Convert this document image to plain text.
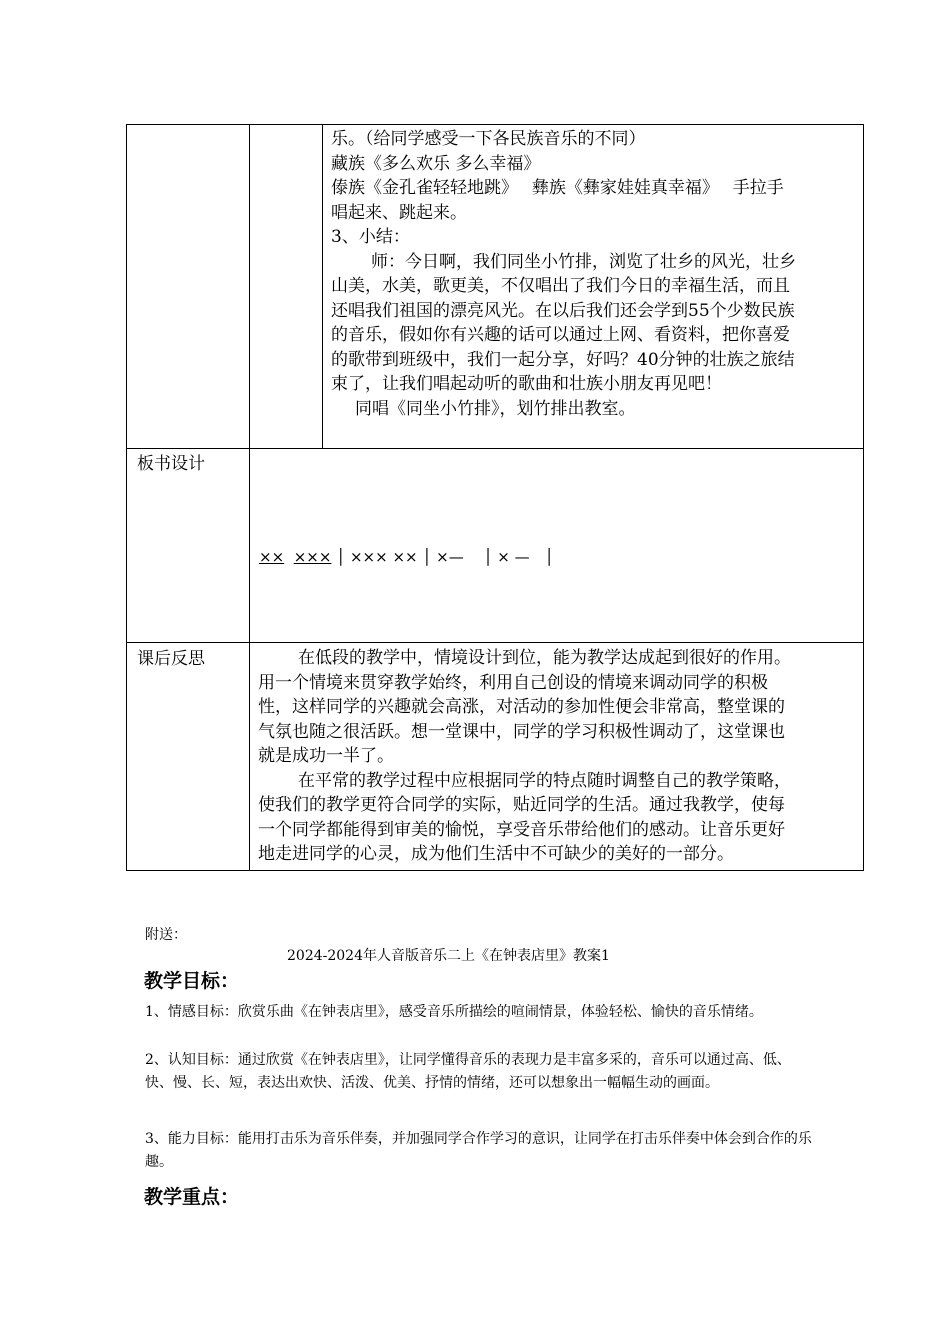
乐。（给同学感受一下各民族音乐的不同）
藏族《多么欢乐 多么幸福》
傣族《金孔雀轻轻地跳》　 彝族《彝家娃娃真幸福》　 手拉手
唱起来、跳起来。
3、小结：
师：今日啊，我们同坐小竹排，浏览了壮乡的风光，壮乡
山美，水美，歌更美，不仅唱出了我们今日的幸福生活，而且
还唱我们祖国的漂亮风光。在以后我们还会学到55个少数民族
的音乐，假如你有兴趣的话可以通过上网、看资料，把你喜爱
的歌带到班级中，我们一起分享，好吗？40分钟的壮族之旅结
束了，让我们唱起动听的歌曲和壮族小朋友再见吧！
同唱《同坐小竹排》，划竹排出教室。
板书设计
×× ××× │ ××× ×× │ ×—　 │ × —　│
课后反思	在低段的教学中，情境设计到位，能为教学达成起到很好的作用。
用一个情境来贯穿教学始终，利用自己创设的情境来调动同学的积极
性，这样同学的兴趣就会高涨，对活动的参加性便会非常高，整堂课的
气氛也随之很活跃。想一堂课中，同学的学习积极性调动了，这堂课也
就是成功一半了。
在平常的教学过程中应根据同学的特点随时调整自己的教学策略，
使我们的教学更符合同学的实际，贴近同学的生活。通过我教学，使每
一个同学都能得到审美的愉悦，享受音乐带给他们的感动。让音乐更好
地走进同学的心灵，成为他们生活中不可缺少的美好的一部分。
附送：
2024-2024年人音版音乐二上《在钟表店里》教案1
教学目标：
1、情感目标：欣赏乐曲《在钟表店里》，感受音乐所描绘的喧闹情景，体验轻松、愉快的音乐情绪。
2、认知目标：通过欣赏《在钟表店里》，让同学懂得音乐的表现力是丰富多采的，音乐可以通过高、低、快、慢、长、短，表达出欢快、活泼、优美、抒情的情绪，还可以想象出一幅幅生动的画面。
3、能力目标：能用打击乐为音乐伴奏，并加强同学合作学习的意识，让同学在打击乐伴奏中体会到合作的乐趣。
教学重点：
